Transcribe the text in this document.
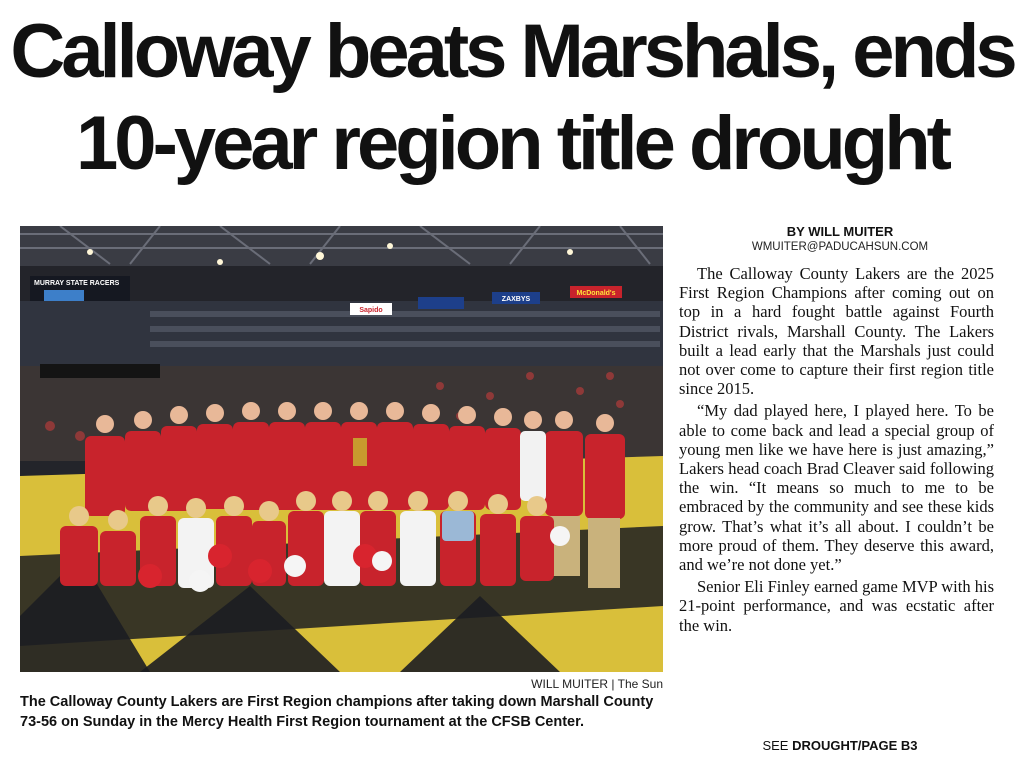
Calloway beats Marshals, ends
10-year region title drought
MURRAY STATE RACERS
Sapido
ZAXBYS
McDonald's
WILL MUITER | The Sun

The Calloway County Lakers are First Region champions after taking down Marshall County 73-56 on Sunday in the Mercy Health First Region tournament at the CFSB Center.

BY WILL MUITER
WMUITER@PADUCAHSUN.COM

The Calloway County Lakers are the 2025 First Region Champions after coming out on top in a hard fought battle against Fourth District rivals, Marshall County. The Lakers built a lead early that the Marshals just could not over come to capture their first region title since 2015.

“My dad played here, I played here. To be able to come back and lead a special group of young men like we have here is just amazing,” Lakers head coach Brad Cleaver said following the win. “It means so much to me to be embraced by the community and see these kids grow. That’s what it’s all about. I couldn’t be more proud of them. They deserve this award, and we’re not done yet.”

Senior Eli Finley earned game MVP with his 21-point performance, and was ecstatic after the win.

SEE DROUGHT/PAGE B3
